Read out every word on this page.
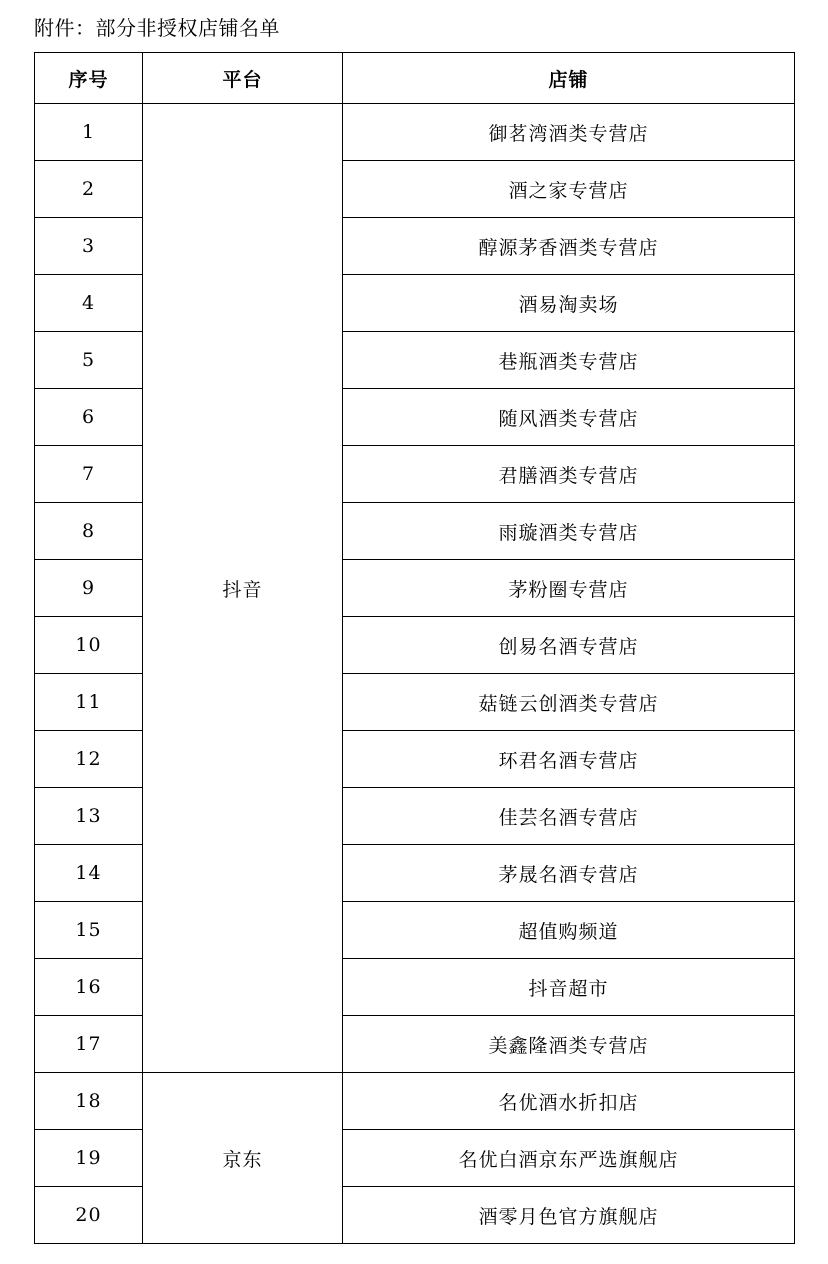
附件：部分非授权店铺名单
序号	平台	店铺
1	抖音	御茗湾酒类专营店
2		酒之家专营店
3		醇源茅香酒类专营店
4		酒易淘卖场
5		巷瓶酒类专营店
6		随风酒类专营店
7		君膳酒类专营店
8		雨璇酒类专营店
9		茅粉圈专营店
10		创易名酒专营店
11		菇链云创酒类专营店
12		环君名酒专营店
13		佳芸名酒专营店
14		茅晟名酒专营店
15		超值购频道
16		抖音超市
17		美鑫隆酒类专营店
18	京东	名优酒水折扣店
19		名优白酒京东严选旗舰店
20		酒零月色官方旗舰店
